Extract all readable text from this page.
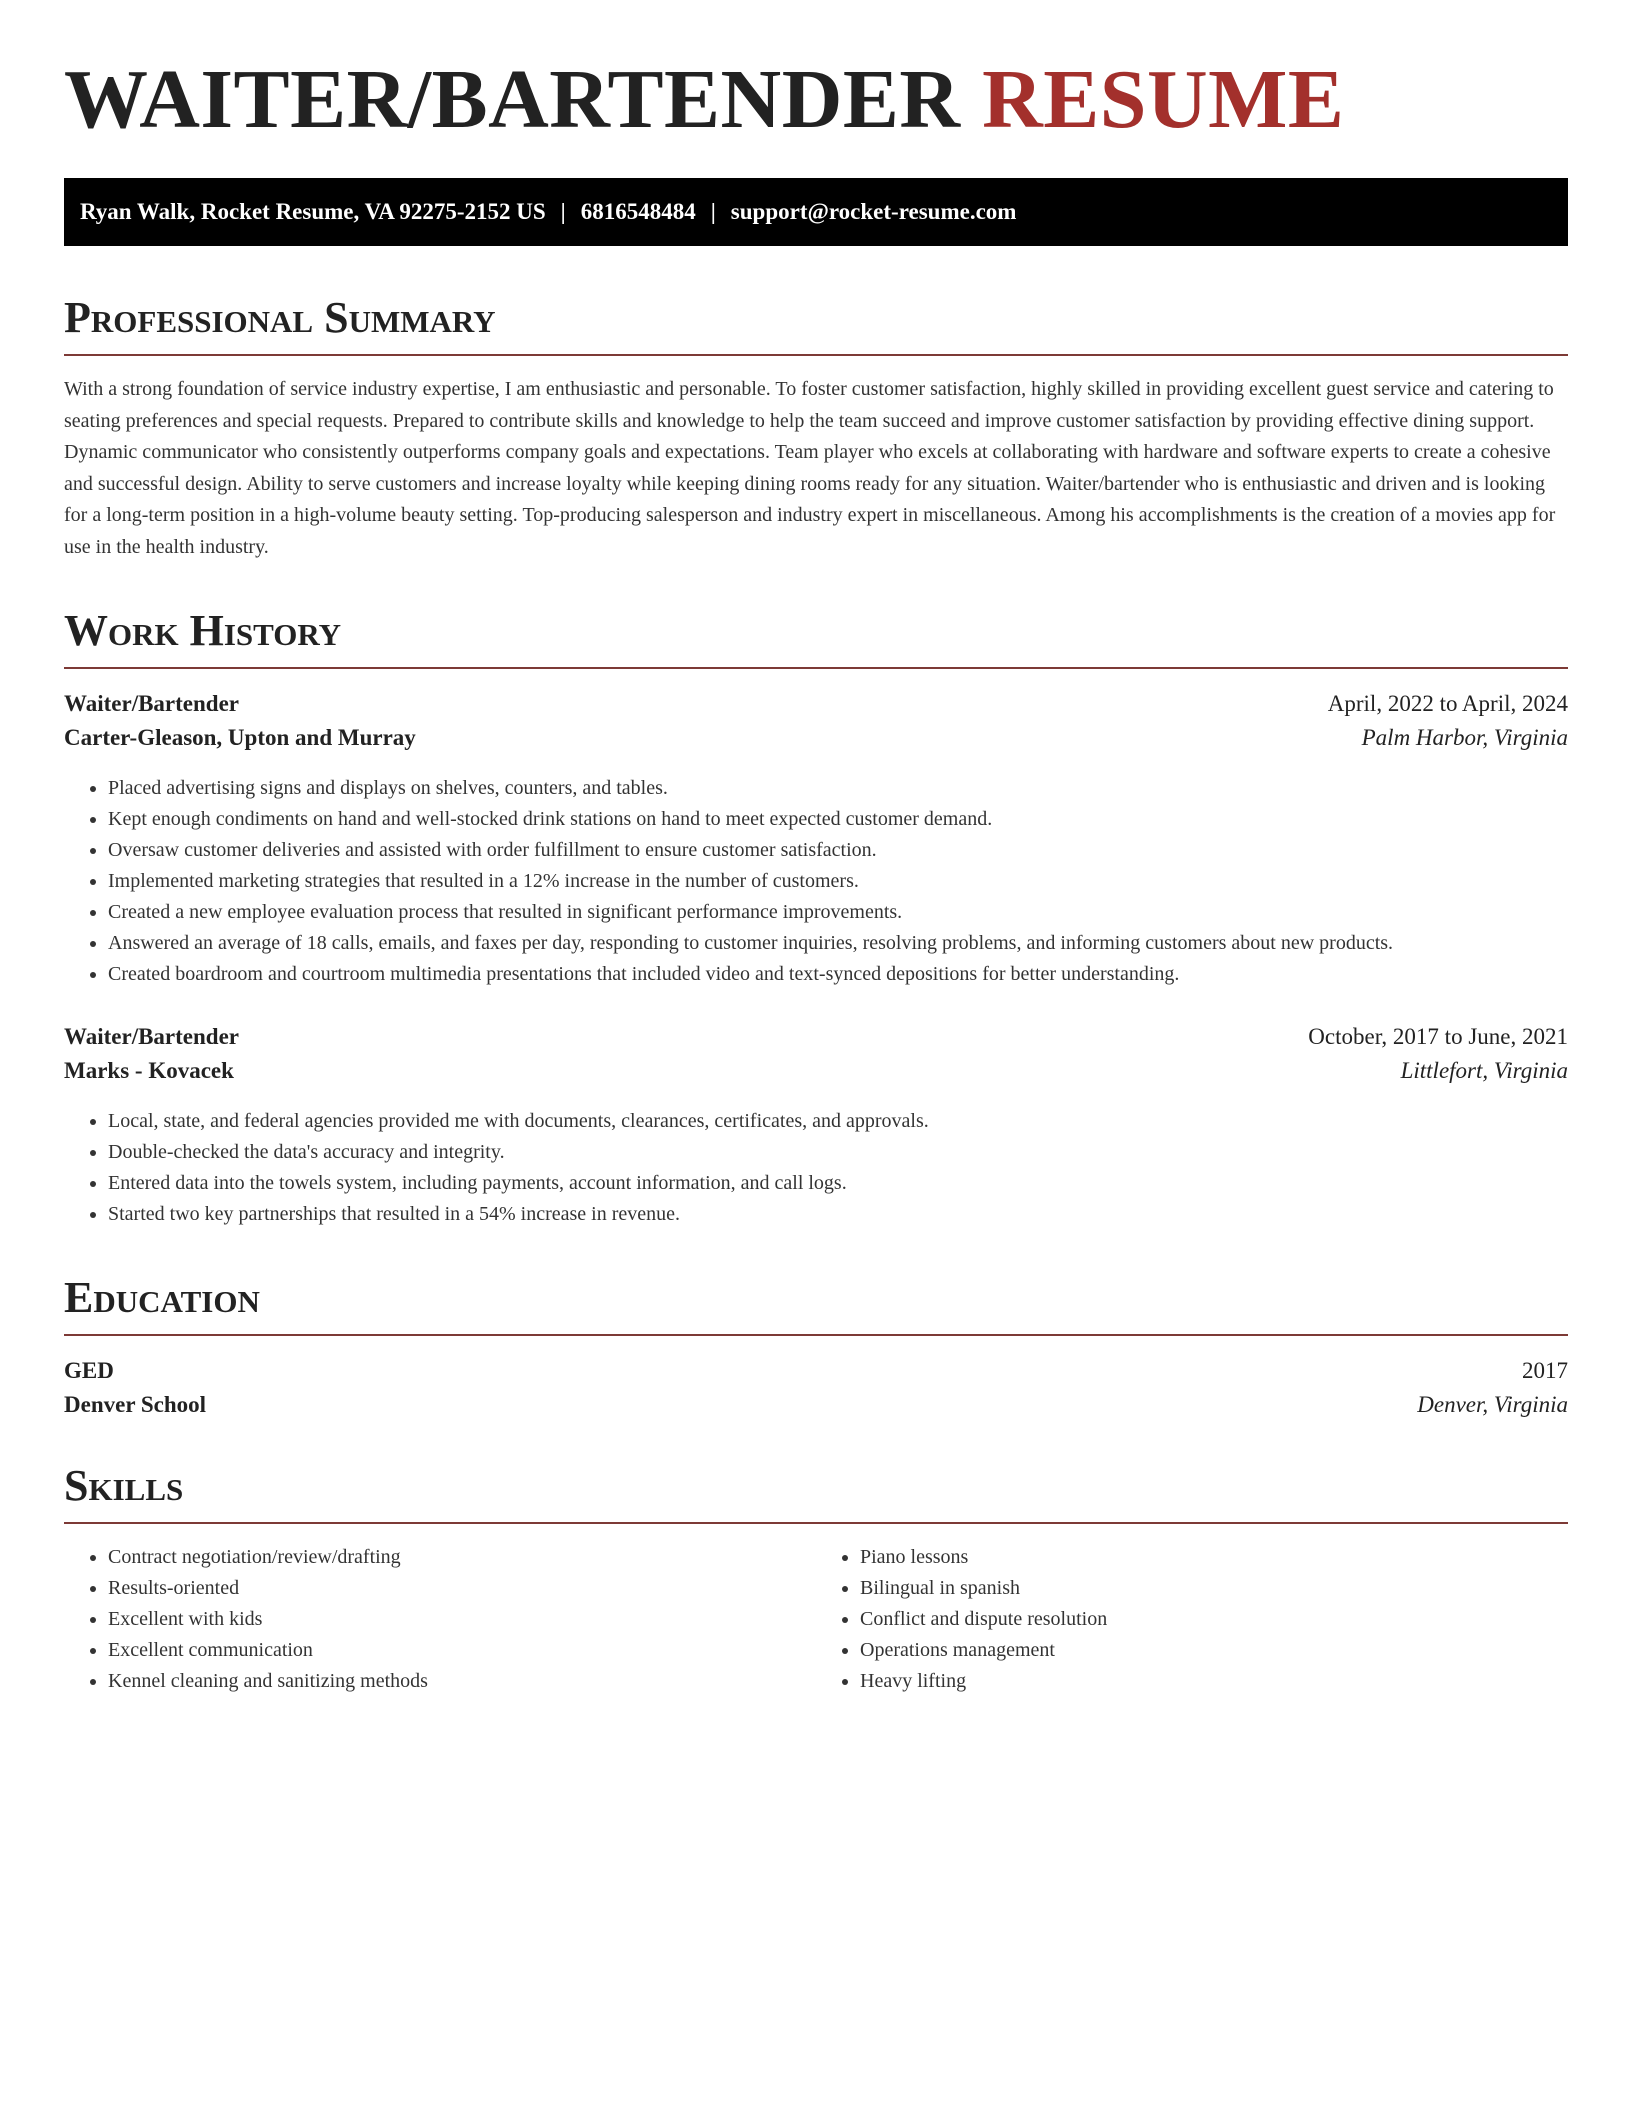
WAITER/BARTENDER RESUME
Ryan Walk, Rocket Resume, VA 92275-2152 US | 6816548484 | support@rocket-resume.com
Professional Summary

With a strong foundation of service industry expertise, I am enthusiastic and personable. To foster customer satisfaction, highly skilled in providing excellent guest service and catering to seating preferences and special requests. Prepared to contribute skills and knowledge to help the team succeed and improve customer satisfaction by providing effective dining support. Dynamic communicator who consistently outperforms company goals and expectations. Team player who excels at collaborating with hardware and software experts to create a cohesive and successful design. Ability to serve customers and increase loyalty while keeping dining rooms ready for any situation. Waiter/bartender who is enthusiastic and driven and is looking for a long-term position in a high-volume beauty setting. Top-producing salesperson and industry expert in miscellaneous. Among his accomplishments is the creation of a movies app for use in the health industry.

Work History
Waiter/Bartender	April, 2022 to April, 2024
Carter-Gleason, Upton and Murray	Palm Harbor, Virginia
• Placed advertising signs and displays on shelves, counters, and tables.
• Kept enough condiments on hand and well-stocked drink stations on hand to meet expected customer demand.
• Oversaw customer deliveries and assisted with order fulfillment to ensure customer satisfaction.
• Implemented marketing strategies that resulted in a 12% increase in the number of customers.
• Created a new employee evaluation process that resulted in significant performance improvements.
• Answered an average of 18 calls, emails, and faxes per day, responding to customer inquiries, resolving problems, and informing customers about new products.
• Created boardroom and courtroom multimedia presentations that included video and text-synced depositions for better understanding.
Waiter/Bartender	October, 2017 to June, 2021
Marks - Kovacek	Littlefort, Virginia
• Local, state, and federal agencies provided me with documents, clearances, certificates, and approvals.
• Double-checked the data's accuracy and integrity.
• Entered data into the towels system, including payments, account information, and call logs.
• Started two key partnerships that resulted in a 54% increase in revenue.
Education
GED	2017
Denver School	Denver, Virginia
Skills
• Contract negotiation/review/drafting
• Results-oriented
• Excellent with kids
• Excellent communication
• Kennel cleaning and sanitizing methods
• Piano lessons
• Bilingual in spanish
• Conflict and dispute resolution
• Operations management
• Heavy lifting
